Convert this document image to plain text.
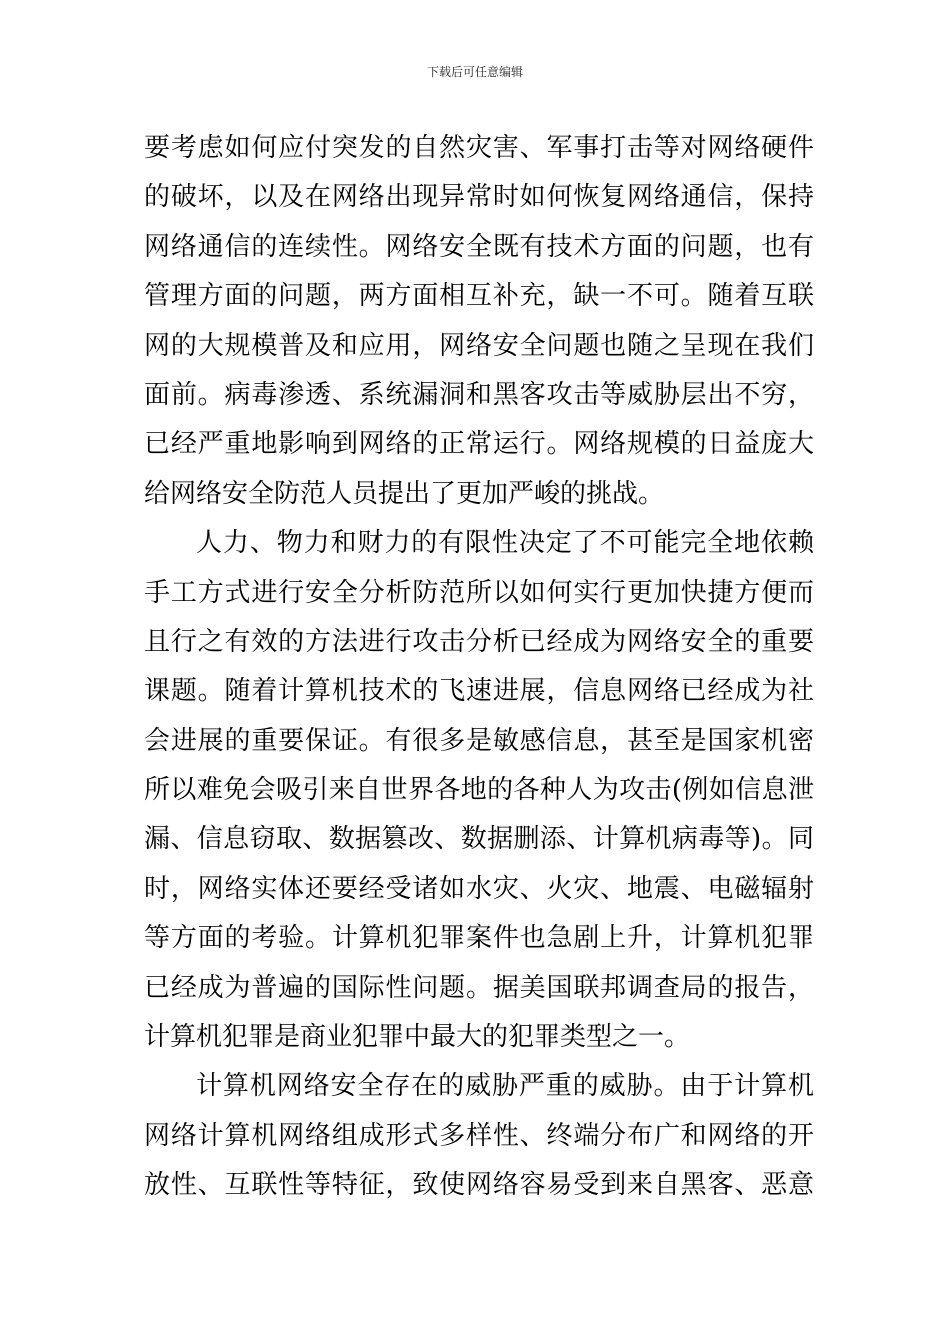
下载后可任意编辑
要考虑如何应付突发的自然灾害、军事打击等对网络硬件
的破坏，以及在网络出现异常时如何恢复网络通信，保持
网络通信的连续性。网络安全既有技术方面的问题，也有
管理方面的问题，两方面相互补充，缺一不可。随着互联
网的大规模普及和应用，网络安全问题也随之呈现在我们
面前。病毒渗透、系统漏洞和黑客攻击等威胁层出不穷，
已经严重地影响到网络的正常运行。网络规模的日益庞大
给网络安全防范人员提出了更加严峻的挑战。
人力、物力和财力的有限性决定了不可能完全地依赖
手工方式进行安全分析防范所以如何实行更加快捷方便而
且行之有效的方法进行攻击分析已经成为网络安全的重要
课题。随着计算机技术的飞速进展，信息网络已经成为社
会进展的重要保证。有很多是敏感信息，甚至是国家机密
所以难免会吸引来自世界各地的各种人为攻击(例如信息泄
漏、信息窃取、数据篡改、数据删添、计算机病毒等)。同
时，网络实体还要经受诸如水灾、火灾、地震、电磁辐射
等方面的考验。计算机犯罪案件也急剧上升，计算机犯罪
已经成为普遍的国际性问题。据美国联邦调查局的报告，
计算机犯罪是商业犯罪中最大的犯罪类型之一。
计算机网络安全存在的威胁严重的威胁。由于计算机
网络计算机网络组成形式多样性、终端分布广和网络的开
放性、互联性等特征，致使网络容易受到来自黑客、恶意
